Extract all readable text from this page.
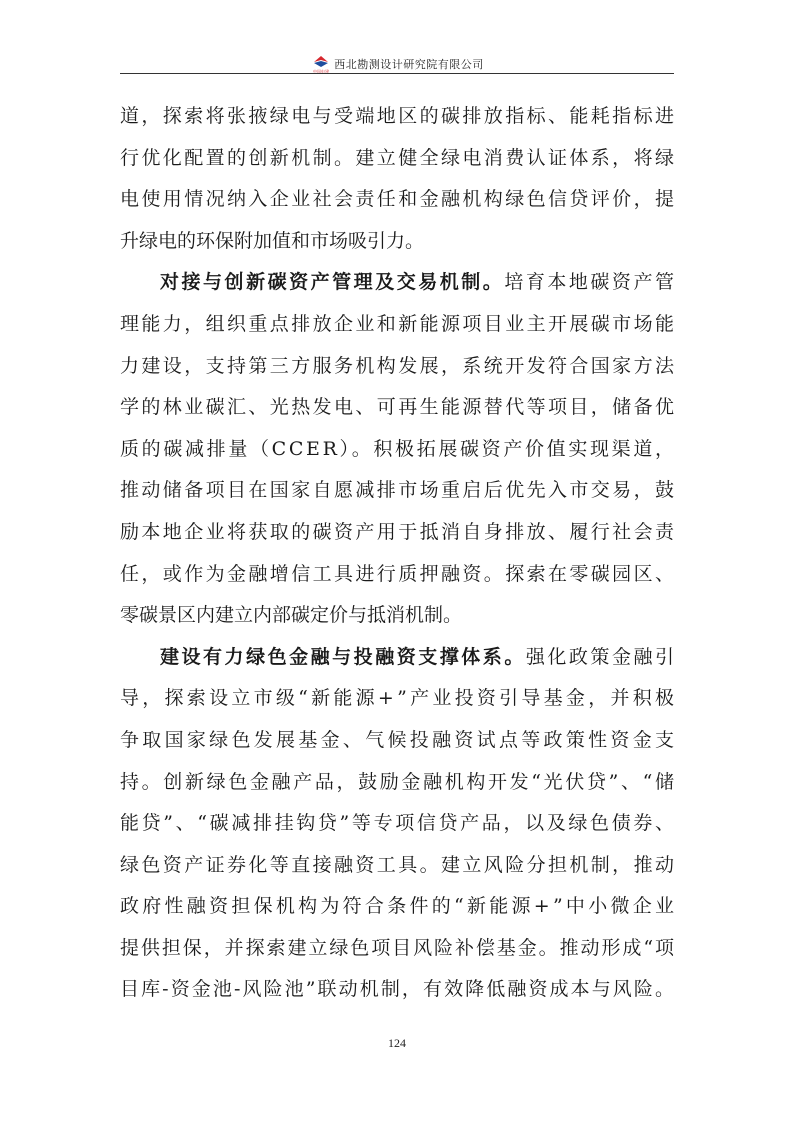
中国电建
西北勘测设计研究院有限公司
道，探索将张掖绿电与受端地区的碳排放指标、能耗指标进
行优化配置的创新机制。建立健全绿电消费认证体系，将绿
电使用情况纳入企业社会责任和金融机构绿色信贷评价，提
升绿电的环保附加值和市场吸引力。
对接与创新碳资产管理及交易机制。培育本地碳资产管
理能力，组织重点排放企业和新能源项目业主开展碳市场能
力建设，支持第三方服务机构发展，系统开发符合国家方法
学的林业碳汇、光热发电、可再生能源替代等项目，储备优
质的碳减排量（CCER）。积极拓展碳资产价值实现渠道，
推动储备项目在国家自愿减排市场重启后优先入市交易，鼓
励本地企业将获取的碳资产用于抵消自身排放、履行社会责
任，或作为金融增信工具进行质押融资。探索在零碳园区、
零碳景区内建立内部碳定价与抵消机制。
建设有力绿色金融与投融资支撑体系。强化政策金融引
导，探索设立市级“新能源+”产业投资引导基金，并积极
争取国家绿色发展基金、气候投融资试点等政策性资金支
持。创新绿色金融产品，鼓励金融机构开发“光伏贷”、“储
能贷”、“碳减排挂钩贷”等专项信贷产品，以及绿色债券、
绿色资产证券化等直接融资工具。建立风险分担机制，推动
政府性融资担保机构为符合条件的“新能源+”中小微企业
提供担保，并探索建立绿色项目风险补偿基金。推动形成“项
目库-资金池-风险池”联动机制，有效降低融资成本与风险。
124
